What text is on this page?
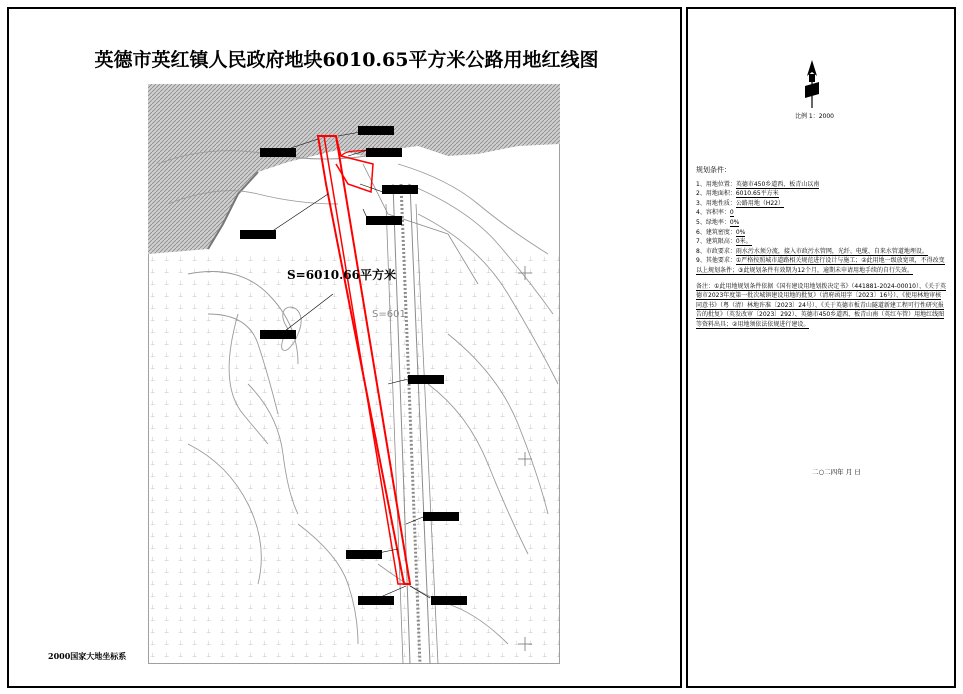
英德市英红镇人民政府地块6010.65平方米公路用地红线图
S=6010.66平方米
S=601
2000国家大地坐标系
比例 1：2000
规划条件：
1、用地位置：英德市450乡道西、板青山以南
2、用地面积：6010.65平方米
3、用地性质：公路用地（H22）
4、容积率：0
5、绿地率：0%
6、建筑密度：0%
7、建筑限高：0米。
8、市政要求：雨水污水须分流，接入市政污水管网，光纤、电缆、自来水管道地埋设。
9、其他要求：①严格按照城市道路相关规范进行设计与施工；②此用地一级放宽项，不得改变以上规划条件；③此规划条件有效期为12个月，逾期未申请用地手续的自行失效。
备注：①此用地规划条件依据《国有建设用地划拨决定书》（441881-2024-00010）、《关于英德市2023年度第一批次城镇建设用地的批复》（清府函用字〔2023〕16号）、《使用林地审核同意书》（粤（清）林地许准〔2023〕24号）、《关于英德市板青山隧道新建工程可行性研究报告的批复》（英发改审〔2023〕292）、英德市450乡道西、板青山南（英红车管）用地红线图等资料出具；②用地须依法依规进行建设。
二○二四年 月 日
